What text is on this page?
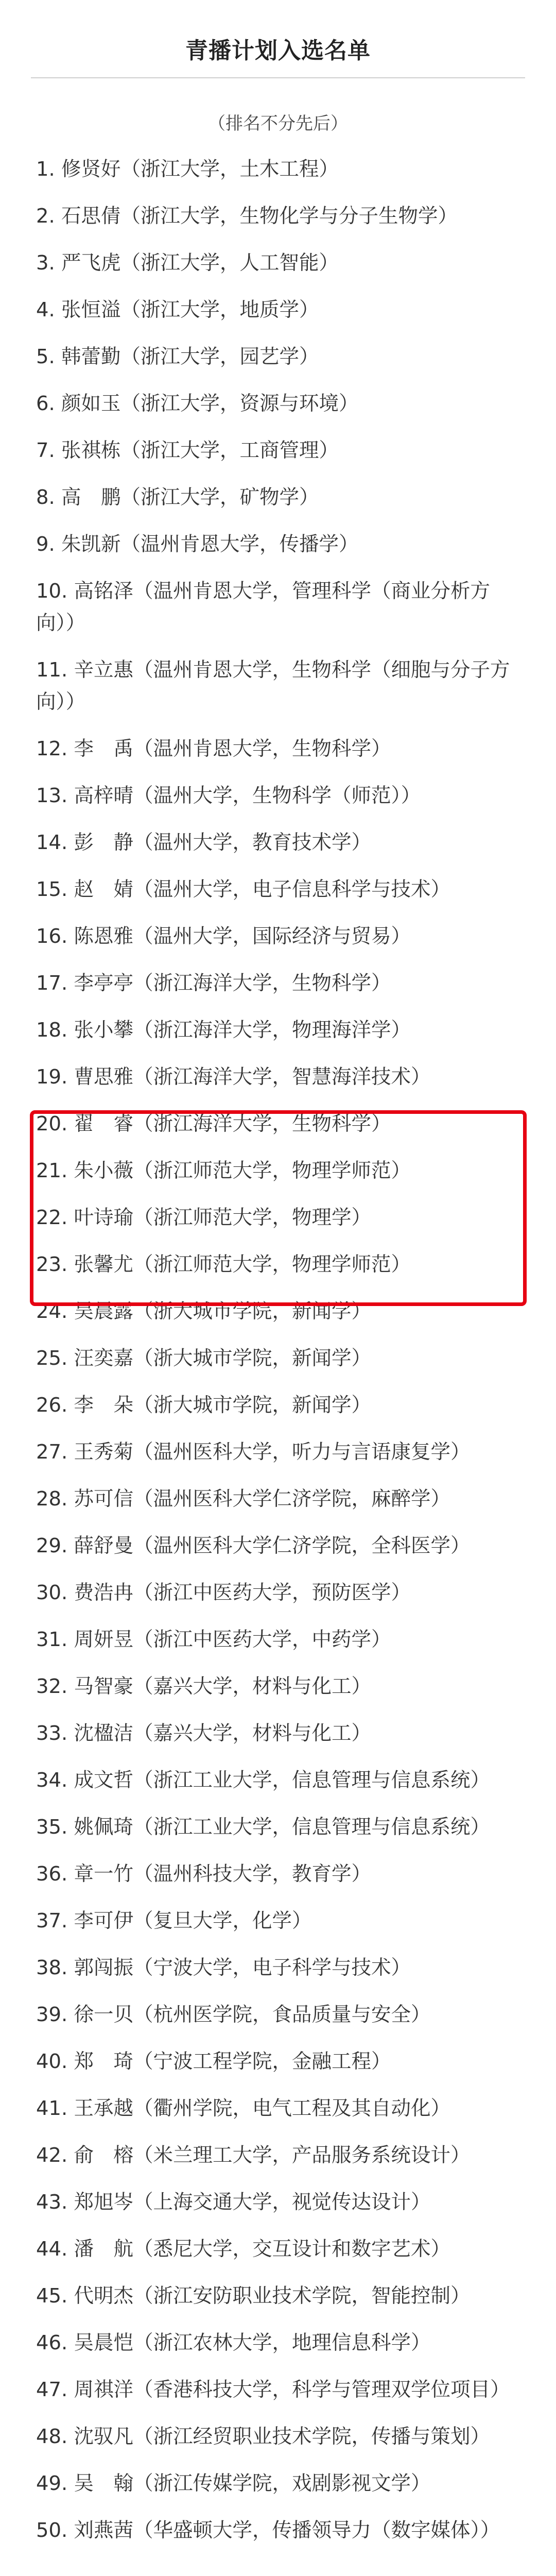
青播计划入选名单
（排名不分先后）
1. 修贤好（浙江大学，土木工程）
2. 石思倩（浙江大学，生物化学与分子生物学）
3. 严飞虎（浙江大学，人工智能）
4. 张恒溢（浙江大学，地质学）
5. 韩蕾勤（浙江大学，园艺学）
6. 颜如玉（浙江大学，资源与环境）
7. 张祺栋（浙江大学，工商管理）
8. 高　鹏（浙江大学，矿物学）
9. 朱凯新（温州肯恩大学，传播学）
10. 高铭泽（温州肯恩大学，管理科学（商业分析方向））
11. 辛立惠（温州肯恩大学，生物科学（细胞与分子方向））
12. 李　禹（温州肯恩大学，生物科学）
13. 高梓晴（温州大学，生物科学（师范））
14. 彭　静（温州大学，教育技术学）
15. 赵　婧（温州大学，电子信息科学与技术）
16. 陈恩雅（温州大学，国际经济与贸易）
17. 李亭亭（浙江海洋大学，生物科学）
18. 张小攀（浙江海洋大学，物理海洋学）
19. 曹思雅（浙江海洋大学，智慧海洋技术）
20. 翟　睿（浙江海洋大学，生物科学）
21. 朱小薇（浙江师范大学，物理学师范）
22. 叶诗瑜（浙江师范大学，物理学）
23. 张馨尤（浙江师范大学，物理学师范）
24. 吴晨露（浙大城市学院，新闻学）
25. 汪奕嘉（浙大城市学院，新闻学）
26. 李　朵（浙大城市学院，新闻学）
27. 王秀菊（温州医科大学，听力与言语康复学）
28. 苏可信（温州医科大学仁济学院，麻醉学）
29. 薛舒曼（温州医科大学仁济学院，全科医学）
30. 费浩冉（浙江中医药大学，预防医学）
31. 周妍昱（浙江中医药大学，中药学）
32. 马智豪（嘉兴大学，材料与化工）
33. 沈楹洁（嘉兴大学，材料与化工）
34. 成文哲（浙江工业大学，信息管理与信息系统）
35. 姚佩琦（浙江工业大学，信息管理与信息系统）
36. 章一竹（温州科技大学，教育学）
37. 李可伊（复旦大学，化学）
38. 郭闯振（宁波大学，电子科学与技术）
39. 徐一贝（杭州医学院，食品质量与安全）
40. 郑　琦（宁波工程学院，金融工程）
41. 王承越（衢州学院，电气工程及其自动化）
42. 俞　榕（米兰理工大学，产品服务系统设计）
43. 郑旭岑（上海交通大学，视觉传达设计）
44. 潘　航（悉尼大学，交互设计和数字艺术）
45. 代明杰（浙江安防职业技术学院，智能控制）
46. 吴晨恺（浙江农林大学，地理信息科学）
47. 周祺洋（香港科技大学，科学与管理双学位项目）
48. 沈驭凡（浙江经贸职业技术学院，传播与策划）
49. 吴　翰（浙江传媒学院，戏剧影视文学）
50. 刘燕茜（华盛顿大学，传播领导力（数字媒体））
